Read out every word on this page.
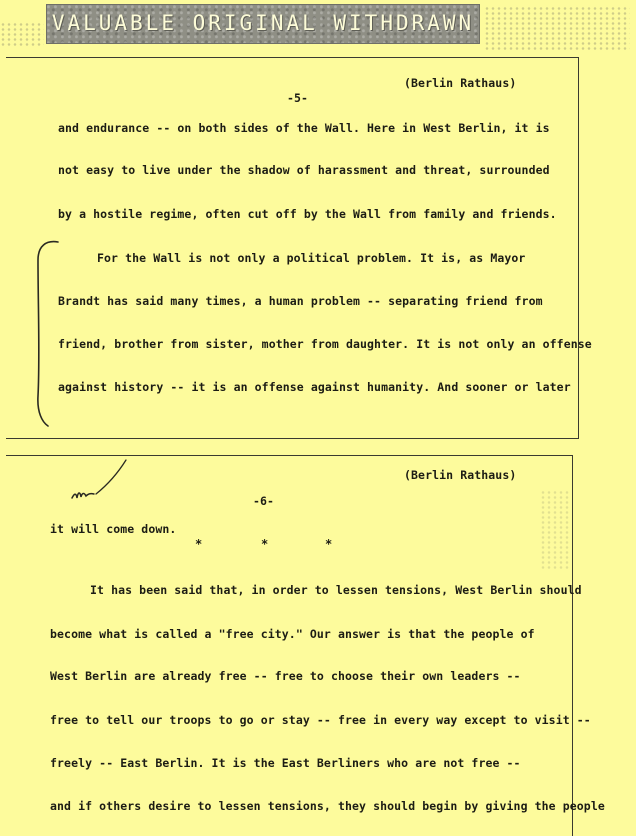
VALUABLE ORIGINAL WITHDRAWN
(Berlin Rathaus)
-5-
and endurance -- on both sides of the Wall. Here in West Berlin, it is
not easy to live under the shadow of harassment and threat, surrounded
by a hostile regime, often cut off by the Wall from family and friends.
For the Wall is not only a political problem. It is, as Mayor
Brandt has said many times, a human problem -- separating friend from
friend, brother from sister, mother from daughter. It is not only an offense
against history -- it is an offense against humanity. And sooner or later
(Berlin Rathaus)
-6-
it will come down.
*	*	*
It has been said that, in order to lessen tensions, West Berlin should
become what is called a "free city." Our answer is that the people of
West Berlin are already free -- free to choose their own leaders --
free to tell our troops to go or stay -- free in every way except to visit --
freely -- East Berlin. It is the East Berliners who are not free --
and if others desire to lessen tensions, they should begin by giving the people
